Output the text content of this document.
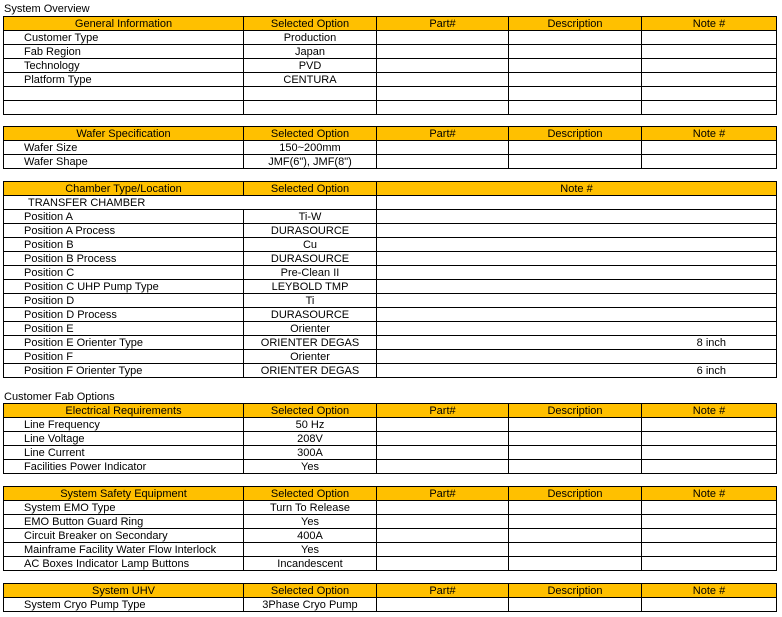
System Overview
General Information	Selected Option	Part#	Description	Note #
Customer Type	Production			
Fab Region	Japan			
Technology	PVD			
Platform Type	CENTURA			

Wafer Specification	Selected Option	Part#	Description	Note #
Wafer Size	150~200mm			
Wafer Shape	JMF(6"), JMF(8")			
Chamber Type/Location	Selected Option	Note #
TRANSFER CHAMBER		
Position A	Ti-W	
Position A Process	DURASOURCE	
Position B	Cu	
Position B Process	DURASOURCE	
Position C	Pre-Clean II	
Position C UHP Pump Type	LEYBOLD TMP	
Position D	Ti	
Position D Process	DURASOURCE	
Position E	Orienter	
Position E Orienter Type	ORIENTER DEGAS	8 inch
Position F	Orienter	
Position F Orienter Type	ORIENTER DEGAS	6 inch
Customer Fab Options
Electrical Requirements	Selected Option	Part#	Description	Note #
Line Frequency	50 Hz			
Line Voltage	208V			
Line Current	300A			
Facilities Power Indicator	Yes			
System Safety Equipment	Selected Option	Part#	Description	Note #
System EMO Type	Turn To Release			
EMO Button Guard Ring	Yes			
Circuit Breaker on Secondary	400A			
Mainframe Facility Water Flow Interlock	Yes			
AC Boxes Indicator Lamp Buttons	Incandescent			
System UHV	Selected Option	Part#	Description	Note #
System Cryo Pump Type	3Phase Cryo Pump			
